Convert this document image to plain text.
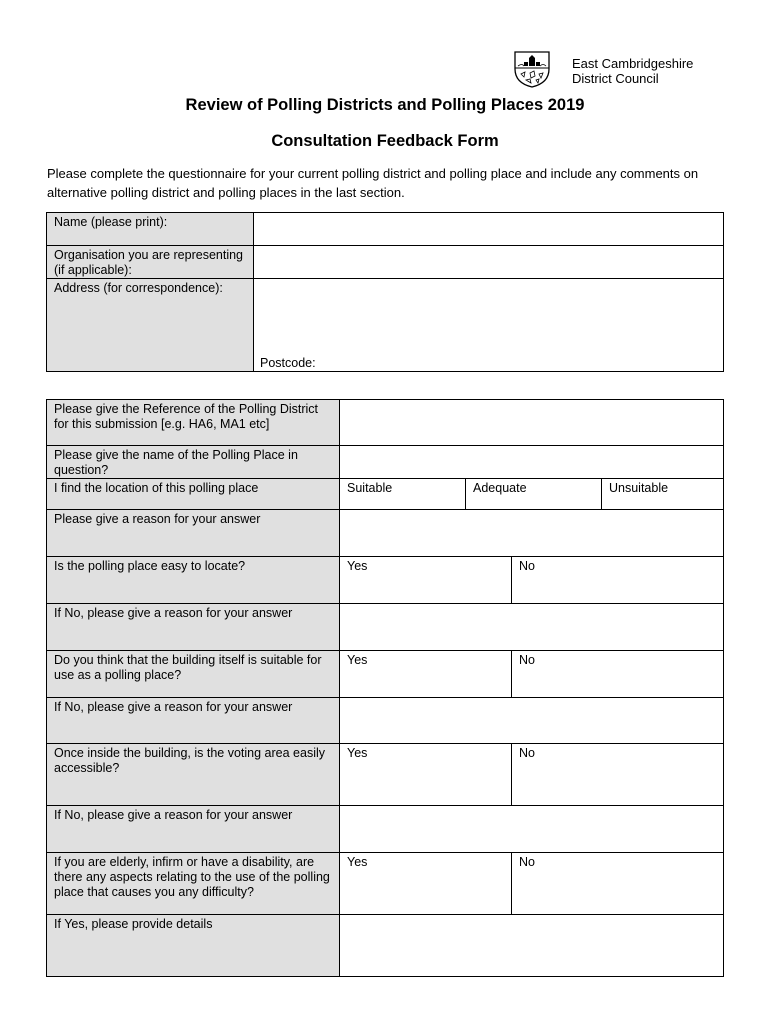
East Cambridgeshire
District Council
Review of Polling Districts and Polling Places 2019
Consultation Feedback Form
Please complete the questionnaire for your current polling district and polling place and include any comments on alternative polling district and polling places in the last section.
Name (please print):	
Organisation you are representing (if applicable):	
Address (for correspondence):	Postcode:
Please give the Reference of the Polling District for this submission [e.g. HA6, MA1 etc]				
Please give the name of the Polling Place in question?				
I find the location of this polling place	Suitable	Adequate		Unsuitable
Please give a reason for your answer				
Is the polling place easy to locate?	Yes		No	
If No, please give a reason for your answer				
Do you think that the building itself is suitable for use as a polling place?	Yes		No	
If No, please give a reason for your answer				
Once inside the building, is the voting area easily accessible?	Yes		No	
If No, please give a reason for your answer				
If you are elderly, infirm or have a disability, are there any aspects relating to the use of the polling place that causes you any difficulty?	Yes		No	
If Yes, please provide details				
